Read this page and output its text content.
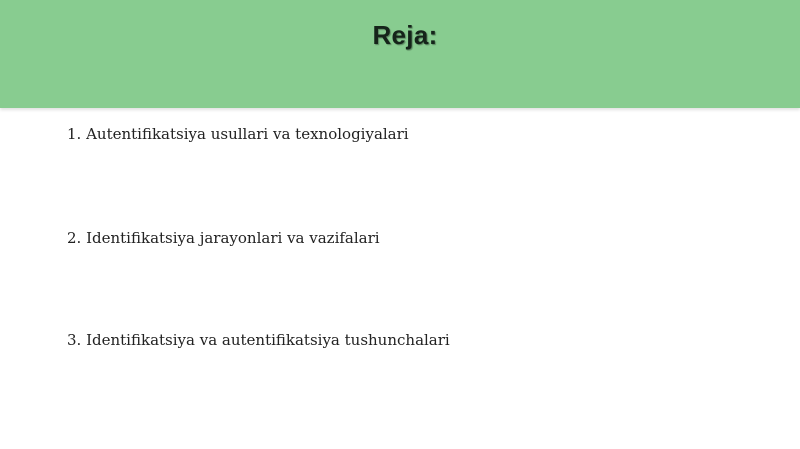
Reja:
1. Autentifikatsiya usullari va texnologiyalari
2. Identifikatsiya jarayonlari va vazifalari
3. Identifikatsiya va autentifikatsiya tushunchalari
